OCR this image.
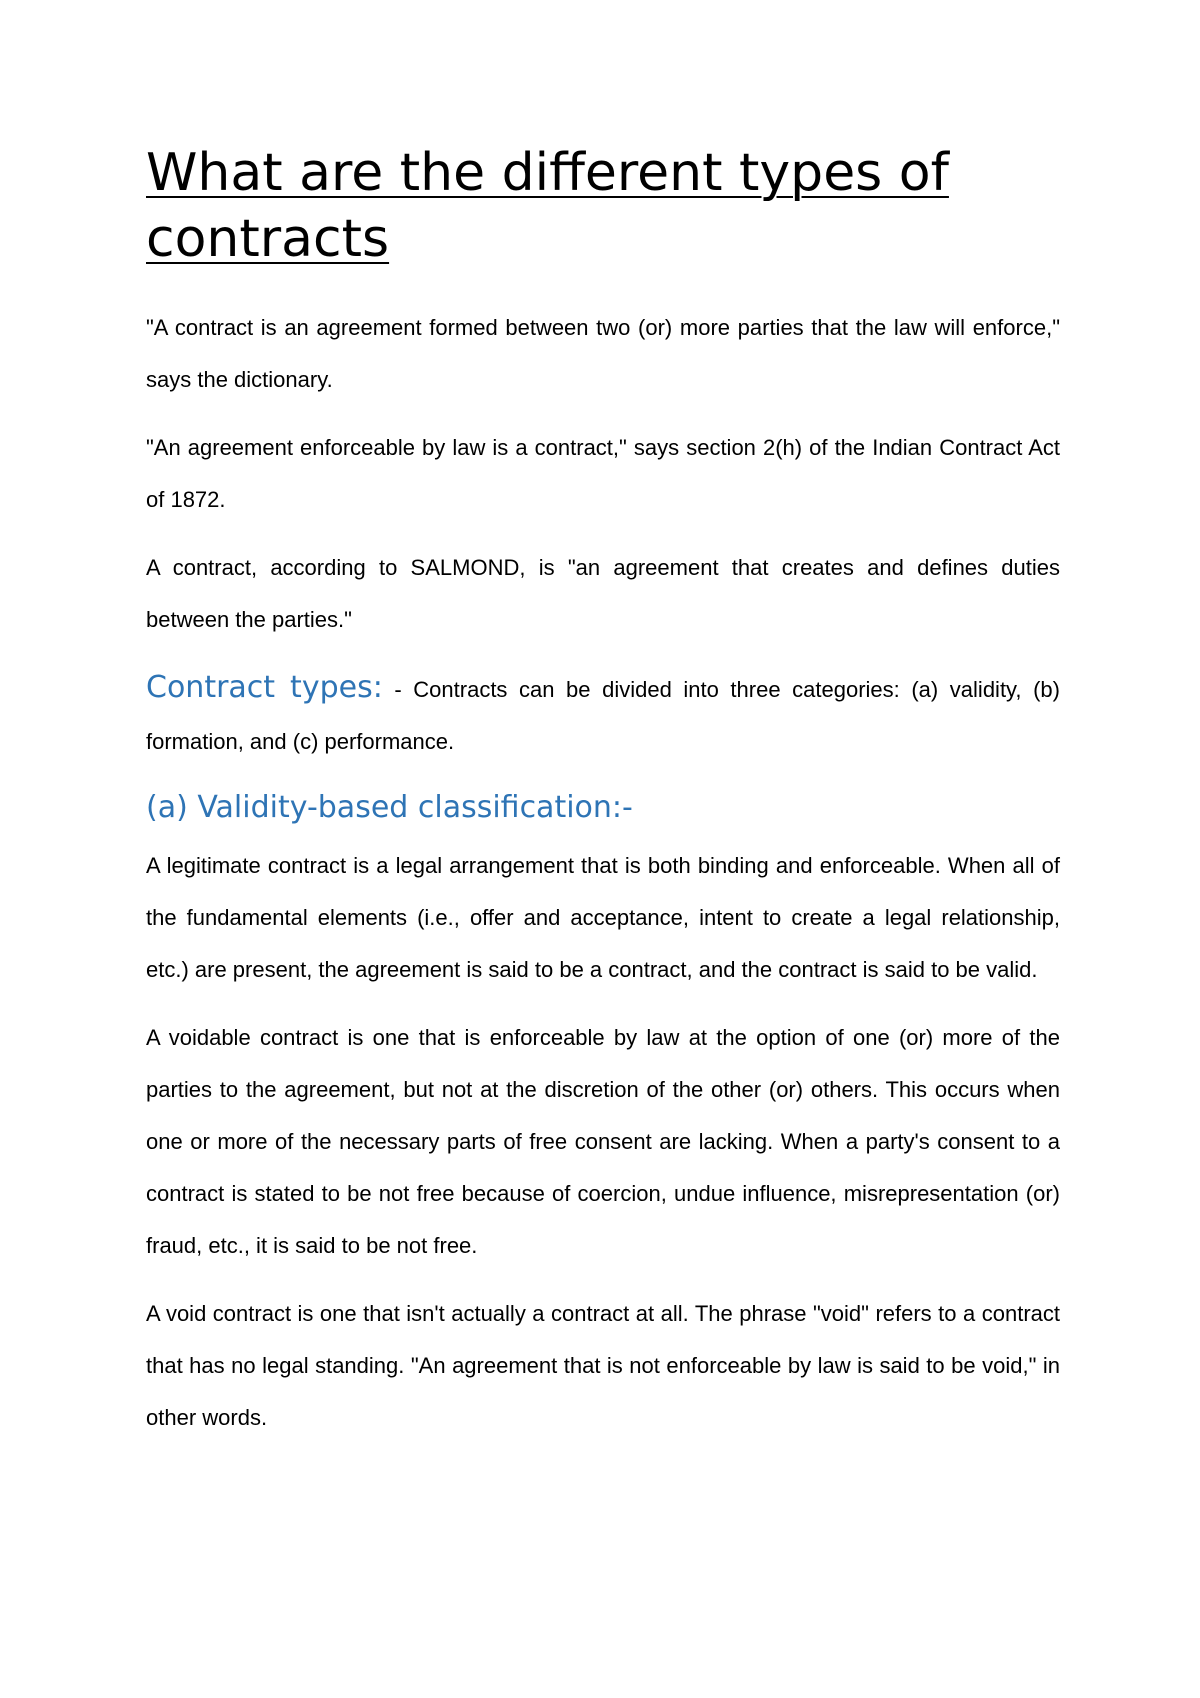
What are the different types of contracts

"A contract is an agreement formed between two (or) more parties that the law will enforce," says the dictionary.

"An agreement enforceable by law is a contract," says section 2(h) of the Indian Contract Act of 1872.

A contract, according to SALMOND, is "an agreement that creates and defines duties between the parties."

Contract types: - Contracts can be divided into three categories: (a) validity, (b) formation, and (c) performance.

(a) Validity-based classification:-

A legitimate contract is a legal arrangement that is both binding and enforceable. When all of the fundamental elements (i.e., offer and acceptance, intent to create a legal relationship, etc.) are present, the agreement is said to be a contract, and the contract is said to be valid.

A voidable contract is one that is enforceable by law at the option of one (or) more of the parties to the agreement, but not at the discretion of the other (or) others. This occurs when one or more of the necessary parts of free consent are lacking. When a party's consent to a contract is stated to be not free because of coercion, undue influence, misrepresentation (or) fraud, etc., it is said to be not free.

A void contract is one that isn't actually a contract at all. The phrase "void" refers to a contract that has no legal standing. "An agreement that is not enforceable by law is said to be void," in other words.
